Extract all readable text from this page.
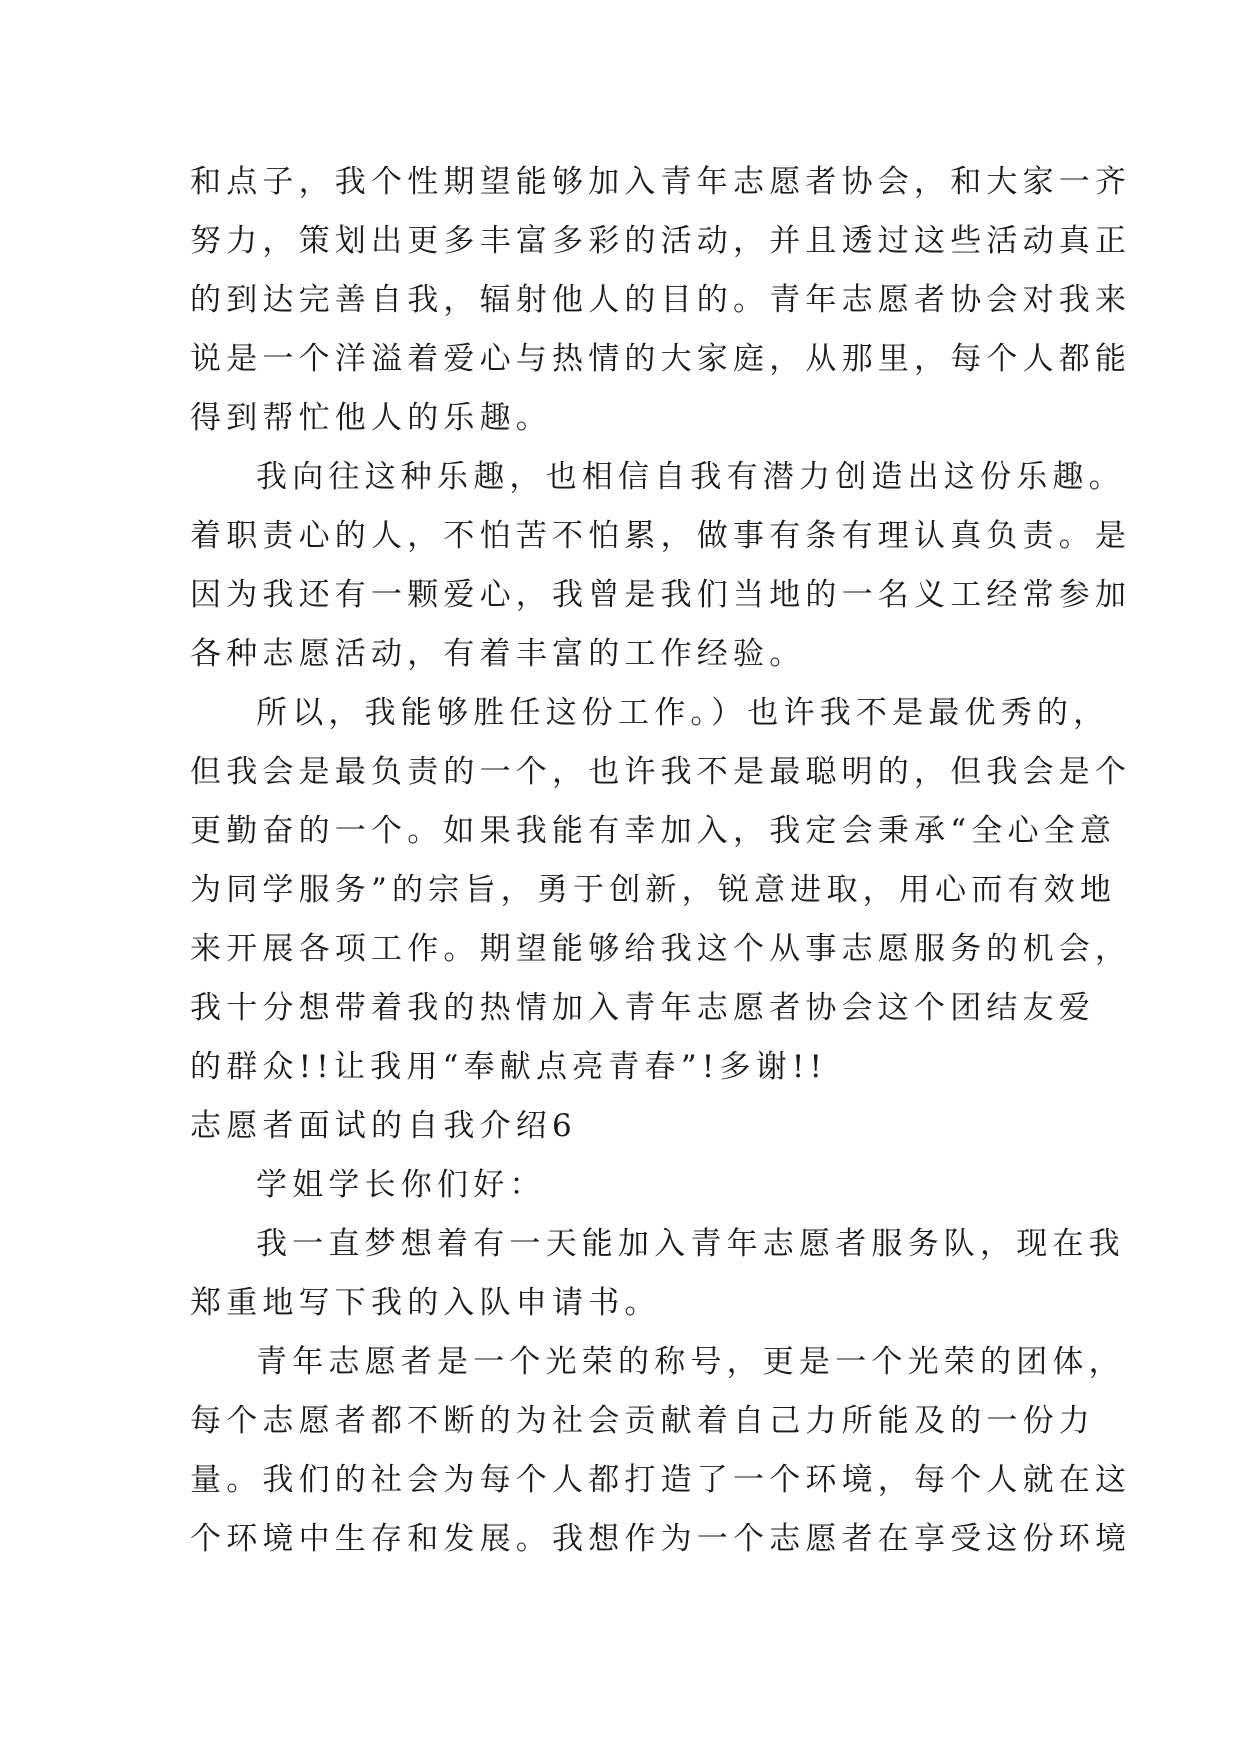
和点子，我个性期望能够加入青年志愿者协会，和大家一齐
努力，策划出更多丰富多彩的活动，并且透过这些活动真正
的到达完善自我，辐射他人的目的。青年志愿者协会对我来
说是一个洋溢着爱心与热情的大家庭，从那里，每个人都能
得到帮忙他人的乐趣。
我向往这种乐趣，也相信自我有潜力创造出这份乐趣。
着职责心的人，不怕苦不怕累，做事有条有理认真负责。是
因为我还有一颗爱心，我曾是我们当地的一名义工经常参加
各种志愿活动，有着丰富的工作经验。
所以，我能够胜任这份工作。）也许我不是最优秀的，
但我会是最负责的一个，也许我不是最聪明的，但我会是个
更勤奋的一个。如果我能有幸加入，我定会秉承“全心全意
为同学服务”的宗旨，勇于创新，锐意进取，用心而有效地
来开展各项工作。期望能够给我这个从事志愿服务的机会，
我十分想带着我的热情加入青年志愿者协会这个团结友爱
的群众!!让我用“奉献点亮青春”!多谢!!
志愿者面试的自我介绍6
学姐学长你们好：
我一直梦想着有一天能加入青年志愿者服务队，现在我
郑重地写下我的入队申请书。
青年志愿者是一个光荣的称号，更是一个光荣的团体，
每个志愿者都不断的为社会贡献着自己力所能及的一份力
量。我们的社会为每个人都打造了一个环境，每个人就在这
个环境中生存和发展。我想作为一个志愿者在享受这份环境
